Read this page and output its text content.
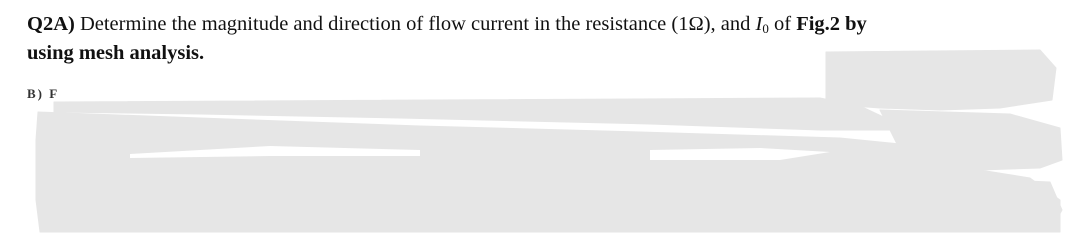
Q2A) Determine the magnitude and direction of flow current in the resistance (1Ω), and $I_0$ of Fig.2 by
using mesh analysis.
B) F
